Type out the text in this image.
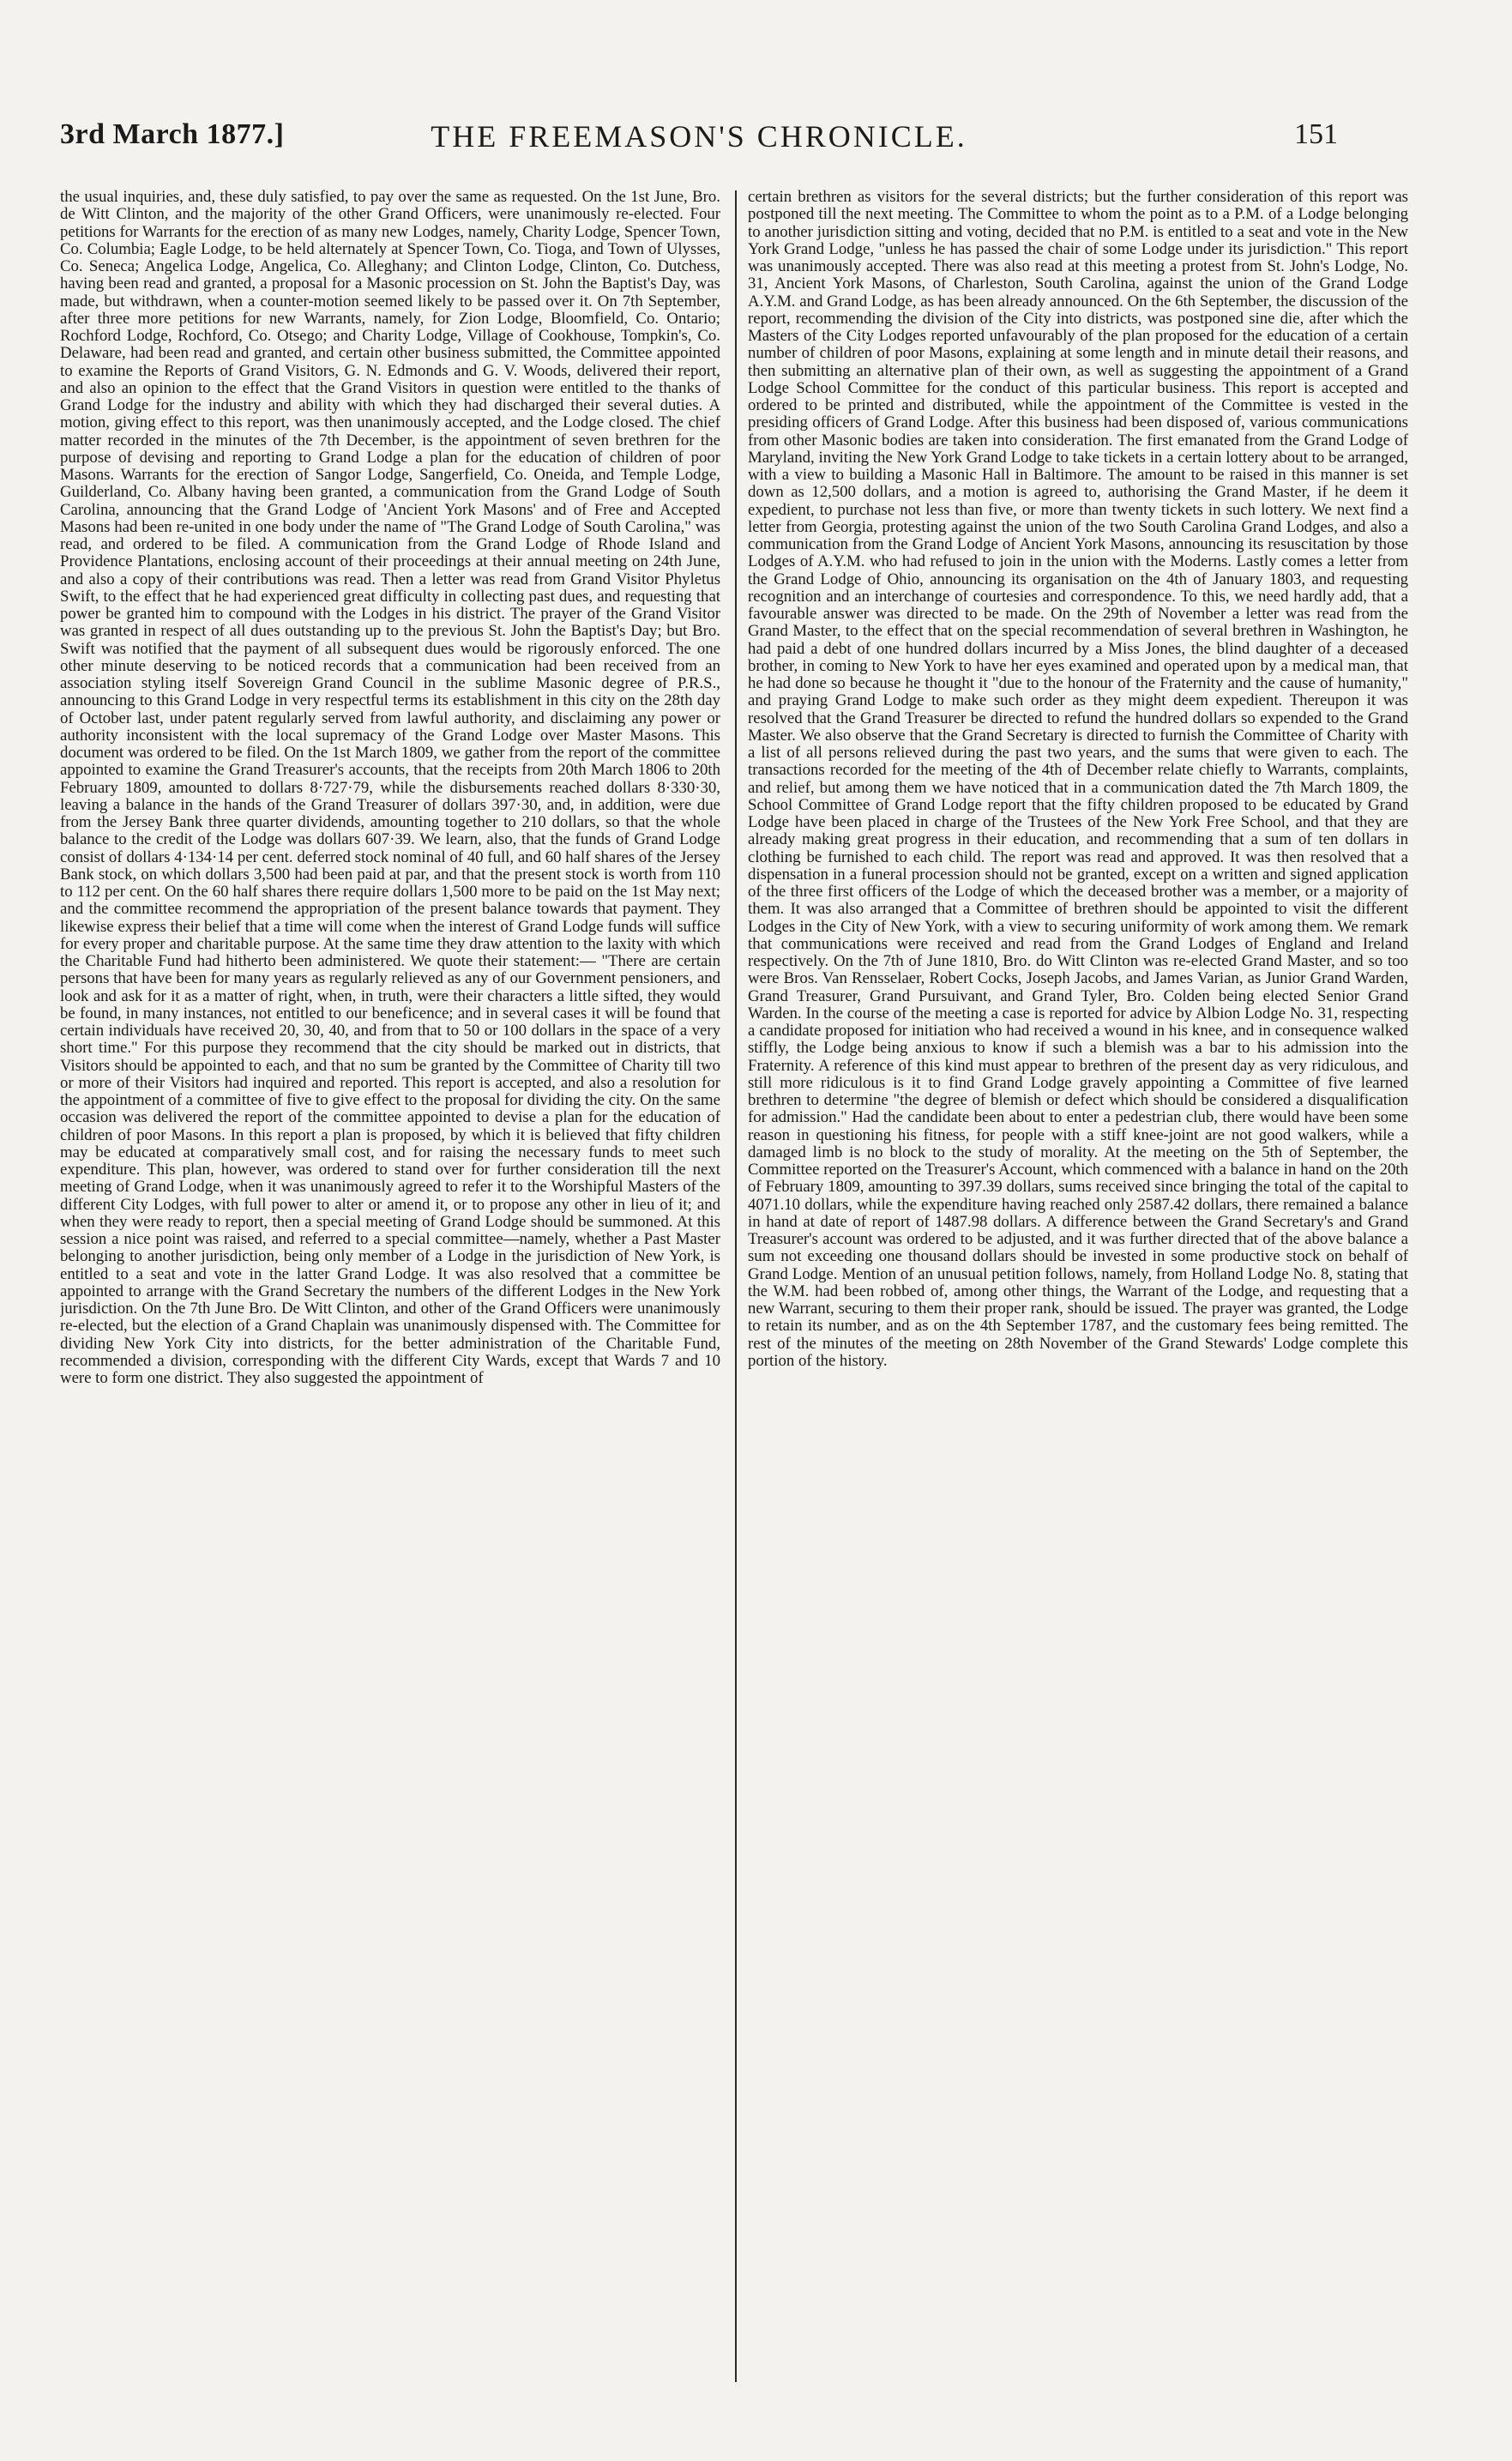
3rd March 1877.]	THE FREEMASON'S CHRONICLE.	151

the usual inquiries, and, these duly satisfied, to pay over the same as requested. On the 1st June, Bro. de Witt Clinton, and the majority of the other Grand Officers, were unanimously re-elected. Four petitions for Warrants for the erection of as many new Lodges, namely, Charity Lodge, Spencer Town, Co. Columbia; Eagle Lodge, to be held alternately at Spencer Town, Co. Tioga, and Town of Ulysses, Co. Seneca; Angelica Lodge, Angelica, Co. Alleghany; and Clinton Lodge, Clinton, Co. Dutchess, having been read and granted, a proposal for a Masonic procession on St. John the Baptist's Day, was made, but withdrawn, when a counter-motion seemed likely to be passed over it. On 7th September, after three more petitions for new Warrants, namely, for Zion Lodge, Bloomfield, Co. Ontario; Rochford Lodge, Rochford, Co. Otsego; and Charity Lodge, Village of Cookhouse, Tompkin's, Co. Delaware, had been read and granted, and certain other business submitted, the Committee appointed to examine the Reports of Grand Visitors, G. N. Edmonds and G. V. Woods, delivered their report, and also an opinion to the effect that the Grand Visitors in question were entitled to the thanks of Grand Lodge for the industry and ability with which they had discharged their several duties. A motion, giving effect to this report, was then unanimously accepted, and the Lodge closed. The chief matter recorded in the minutes of the 7th December, is the appointment of seven brethren for the purpose of devising and reporting to Grand Lodge a plan for the education of children of poor Masons. Warrants for the erection of Sangor Lodge, Sangerfield, Co. Oneida, and Temple Lodge, Guilderland, Co. Albany having been granted, a communication from the Grand Lodge of South Carolina, announcing that the Grand Lodge of 'Ancient York Masons' and of Free and Accepted Masons had been re-united in one body under the name of "The Grand Lodge of South Carolina," was read, and ordered to be filed. A communication from the Grand Lodge of Rhode Island and Providence Plantations, enclosing account of their proceedings at their annual meeting on 24th June, and also a copy of their contributions was read. Then a letter was read from Grand Visitor Phyletus Swift, to the effect that he had experienced great difficulty in collecting past dues, and requesting that power be granted him to compound with the Lodges in his district. The prayer of the Grand Visitor was granted in respect of all dues outstanding up to the previous St. John the Baptist's Day; but Bro. Swift was notified that the payment of all subsequent dues would be rigorously enforced. The one other minute deserving to be noticed records that a communication had been received from an association styling itself Sovereign Grand Council in the sublime Masonic degree of P.R.S., announcing to this Grand Lodge in very respectful terms its establishment in this city on the 28th day of October last, under patent regularly served from lawful authority, and disclaiming any power or authority inconsistent with the local supremacy of the Grand Lodge over Master Masons. This document was ordered to be filed. On the 1st March 1809, we gather from the report of the committee appointed to examine the Grand Treasurer's accounts, that the receipts from 20th March 1806 to 20th February 1809, amounted to dollars 8·727·79, while the disbursements reached dollars 8·330·30, leaving a balance in the hands of the Grand Treasurer of dollars 397·30, and, in addition, were due from the Jersey Bank three quarter dividends, amounting together to 210 dollars, so that the whole balance to the credit of the Lodge was dollars 607·39. We learn, also, that the funds of Grand Lodge consist of dollars 4·134·14 per cent. deferred stock nominal of 40 full, and 60 half shares of the Jersey Bank stock, on which dollars 3,500 had been paid at par, and that the present stock is worth from 110 to 112 per cent. On the 60 half shares there require dollars 1,500 more to be paid on the 1st May next; and the committee recommend the appropriation of the present balance towards that payment. They likewise express their belief that a time will come when the interest of Grand Lodge funds will suffice for every proper and charitable purpose. At the same time they draw attention to the laxity with which the Charitable Fund had hitherto been administered. We quote their statement:— "There are certain persons that have been for many years as regularly relieved as any of our Government pensioners, and look and ask for it as a matter of right, when, in truth, were their characters a little sifted, they would be found, in many instances, not entitled to our beneficence; and in several cases it will be found that certain individuals have received 20, 30, 40, and from that to 50 or 100 dollars in the space of a very short time." For this purpose they recommend that the city should be marked out in districts, that Visitors should be appointed to each, and that no sum be granted by the Committee of Charity till two or more of their Visitors had inquired and reported. This report is accepted, and also a resolution for the appointment of a committee of five to give effect to the proposal for dividing the city. On the same occasion was delivered the report of the committee appointed to devise a plan for the education of children of poor Masons. In this report a plan is proposed, by which it is believed that fifty children may be educated at comparatively small cost, and for raising the necessary funds to meet such expenditure. This plan, however, was ordered to stand over for further consideration till the next meeting of Grand Lodge, when it was unanimously agreed to refer it to the Worshipful Masters of the different City Lodges, with full power to alter or amend it, or to propose any other in lieu of it; and when they were ready to report, then a special meeting of Grand Lodge should be summoned. At this session a nice point was raised, and referred to a special committee—namely, whether a Past Master belonging to another jurisdiction, being only member of a Lodge in the jurisdiction of New York, is entitled to a seat and vote in the latter Grand Lodge. It was also resolved that a committee be appointed to arrange with the Grand Secretary the numbers of the different Lodges in the New York jurisdiction. On the 7th June Bro. De Witt Clinton, and other of the Grand Officers were unanimously re-elected, but the election of a Grand Chaplain was unanimously dispensed with. The Committee for dividing New York City into districts, for the better administration of the Charitable Fund, recommended a division, corresponding with the different City Wards, except that Wards 7 and 10 were to form one district. They also suggested the appointment of

certain brethren as visitors for the several districts; but the further consideration of this report was postponed till the next meeting. The Committee to whom the point as to a P.M. of a Lodge belonging to another jurisdiction sitting and voting, decided that no P.M. is entitled to a seat and vote in the New York Grand Lodge, "unless he has passed the chair of some Lodge under its jurisdiction." This report was unanimously accepted. There was also read at this meeting a protest from St. John's Lodge, No. 31, Ancient York Masons, of Charleston, South Carolina, against the union of the Grand Lodge A.Y.M. and Grand Lodge, as has been already announced. On the 6th September, the discussion of the report, recommending the division of the City into districts, was postponed sine die, after which the Masters of the City Lodges reported unfavourably of the plan proposed for the education of a certain number of children of poor Masons, explaining at some length and in minute detail their reasons, and then submitting an alternative plan of their own, as well as suggesting the appointment of a Grand Lodge School Committee for the conduct of this particular business. This report is accepted and ordered to be printed and distributed, while the appointment of the Committee is vested in the presiding officers of Grand Lodge. After this business had been disposed of, various communications from other Masonic bodies are taken into consideration. The first emanated from the Grand Lodge of Maryland, inviting the New York Grand Lodge to take tickets in a certain lottery about to be arranged, with a view to building a Masonic Hall in Baltimore. The amount to be raised in this manner is set down as 12,500 dollars, and a motion is agreed to, authorising the Grand Master, if he deem it expedient, to purchase not less than five, or more than twenty tickets in such lottery. We next find a letter from Georgia, protesting against the union of the two South Carolina Grand Lodges, and also a communication from the Grand Lodge of Ancient York Masons, announcing its resuscitation by those Lodges of A.Y.M. who had refused to join in the union with the Moderns. Lastly comes a letter from the Grand Lodge of Ohio, announcing its organisation on the 4th of January 1803, and requesting recognition and an interchange of courtesies and correspondence. To this, we need hardly add, that a favourable answer was directed to be made. On the 29th of November a letter was read from the Grand Master, to the effect that on the special recommendation of several brethren in Washington, he had paid a debt of one hundred dollars incurred by a Miss Jones, the blind daughter of a deceased brother, in coming to New York to have her eyes examined and operated upon by a medical man, that he had done so because he thought it "due to the honour of the Fraternity and the cause of humanity," and praying Grand Lodge to make such order as they might deem expedient. Thereupon it was resolved that the Grand Treasurer be directed to refund the hundred dollars so expended to the Grand Master. We also observe that the Grand Secretary is directed to furnish the Committee of Charity with a list of all persons relieved during the past two years, and the sums that were given to each. The transactions recorded for the meeting of the 4th of December relate chiefly to Warrants, complaints, and relief, but among them we have noticed that in a communication dated the 7th March 1809, the School Committee of Grand Lodge report that the fifty children proposed to be educated by Grand Lodge have been placed in charge of the Trustees of the New York Free School, and that they are already making great progress in their education, and recommending that a sum of ten dollars in clothing be furnished to each child. The report was read and approved. It was then resolved that a dispensation in a funeral procession should not be granted, except on a written and signed application of the three first officers of the Lodge of which the deceased brother was a member, or a majority of them. It was also arranged that a Committee of brethren should be appointed to visit the different Lodges in the City of New York, with a view to securing uniformity of work among them. We remark that communications were received and read from the Grand Lodges of England and Ireland respectively. On the 7th of June 1810, Bro. do Witt Clinton was re-elected Grand Master, and so too were Bros. Van Rensselaer, Robert Cocks, Joseph Jacobs, and James Varian, as Junior Grand Warden, Grand Treasurer, Grand Pursuivant, and Grand Tyler, Bro. Colden being elected Senior Grand Warden. In the course of the meeting a case is reported for advice by Albion Lodge No. 31, respecting a candidate proposed for initiation who had received a wound in his knee, and in consequence walked stiffly, the Lodge being anxious to know if such a blemish was a bar to his admission into the Fraternity. A reference of this kind must appear to brethren of the present day as very ridiculous, and still more ridiculous is it to find Grand Lodge gravely appointing a Committee of five learned brethren to determine "the degree of blemish or defect which should be considered a disqualification for admission." Had the candidate been about to enter a pedestrian club, there would have been some reason in questioning his fitness, for people with a stiff knee-joint are not good walkers, while a damaged limb is no block to the study of morality. At the meeting on the 5th of September, the Committee reported on the Treasurer's Account, which commenced with a balance in hand on the 20th of February 1809, amounting to 397.39 dollars, sums received since bringing the total of the capital to 4071.10 dollars, while the expenditure having reached only 2587.42 dollars, there remained a balance in hand at date of report of 1487.98 dollars. A difference between the Grand Secretary's and Grand Treasurer's account was ordered to be adjusted, and it was further directed that of the above balance a sum not exceeding one thousand dollars should be invested in some productive stock on behalf of Grand Lodge. Mention of an unusual petition follows, namely, from Holland Lodge No. 8, stating that the W.M. had been robbed of, among other things, the Warrant of the Lodge, and requesting that a new Warrant, securing to them their proper rank, should be issued. The prayer was granted, the Lodge to retain its number, and as on the 4th September 1787, and the customary fees being remitted. The rest of the minutes of the meeting on 28th November of the Grand Stewards' Lodge complete this portion of the history.
